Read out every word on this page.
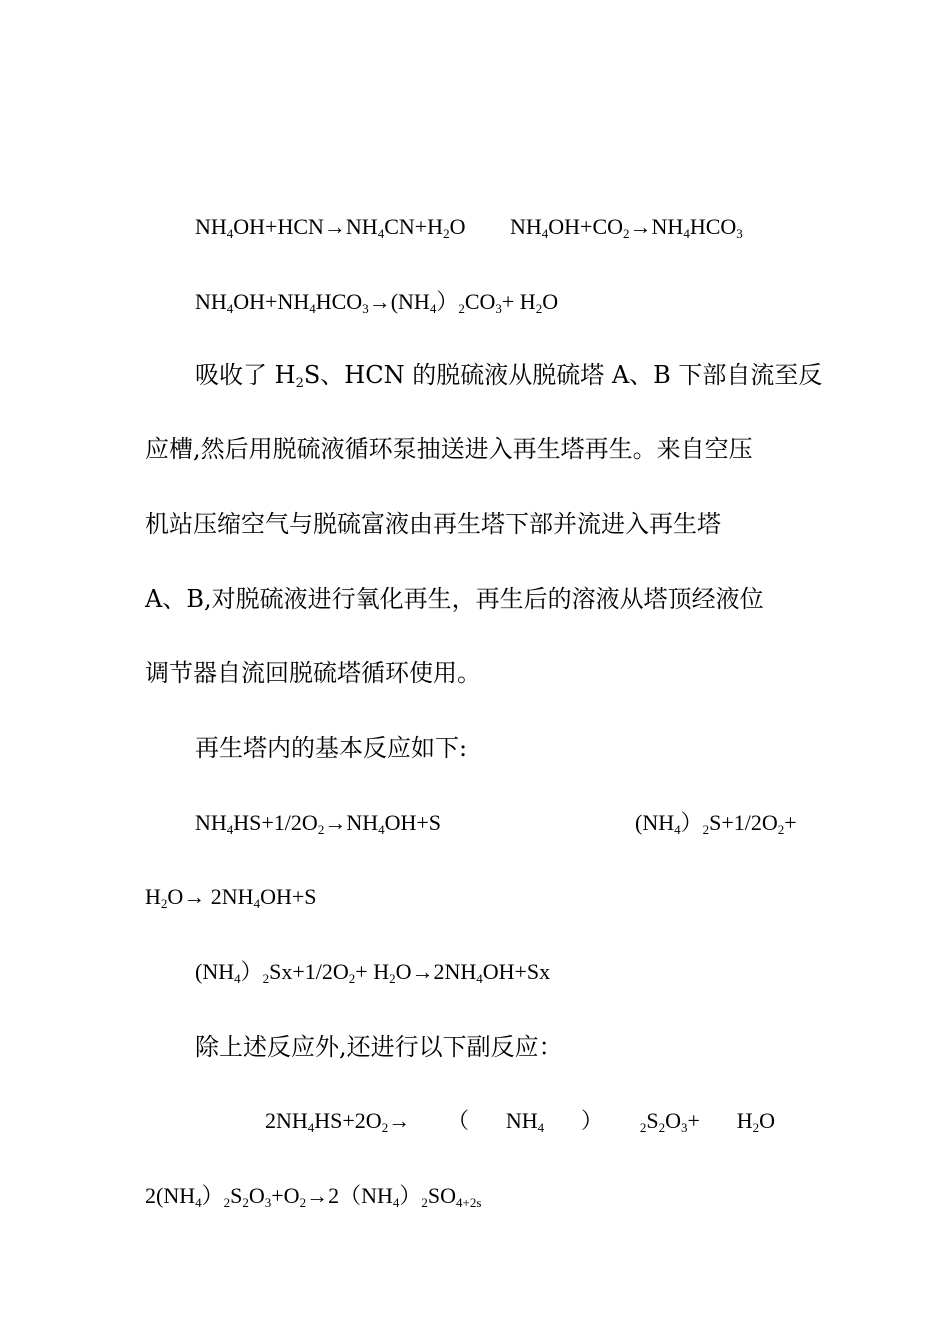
$NH_4OH+HCN\to NH_4CN+H_2O$ $NH_4OH+CO_2\to NH_4HCO_3$
$NH_4OH+NH_4HCO_3\to(NH_4)_2CO_3+ H_2O$
吸收了 $H_2S$、HCN 的脱硫液从脱硫塔 A、B 下部自流至反
应槽,然后用脱硫液循环泵抽送进入再生塔再生。来自空压
机站压缩空气与脱硫富液由再生塔下部并流进入再生塔
A、B,对脱硫液进行氧化再生，再生后的溶液从塔顶经液位
调节器自流回脱硫塔循环使用。
再生塔内的基本反应如下:
$NH_4HS+1/2O_2\to NH_4OH+S$	$(NH_4)_2S+1/2O_2+$
$H_2O\to 2NH_4OH+S$
$(NH_4)_2Sx+1/2O_2+ H_2O\to 2NH_4OH+Sx$
除上述反应外,还进行以下副反应：
$2NH_4HS+2O_2\to$ （ $NH_4$ ）	$_2S_2O_3+ H_2O$
$2(NH_4)_2S_2O_3+O_2\to 2(NH_4)_2SO_{4+2s}$
